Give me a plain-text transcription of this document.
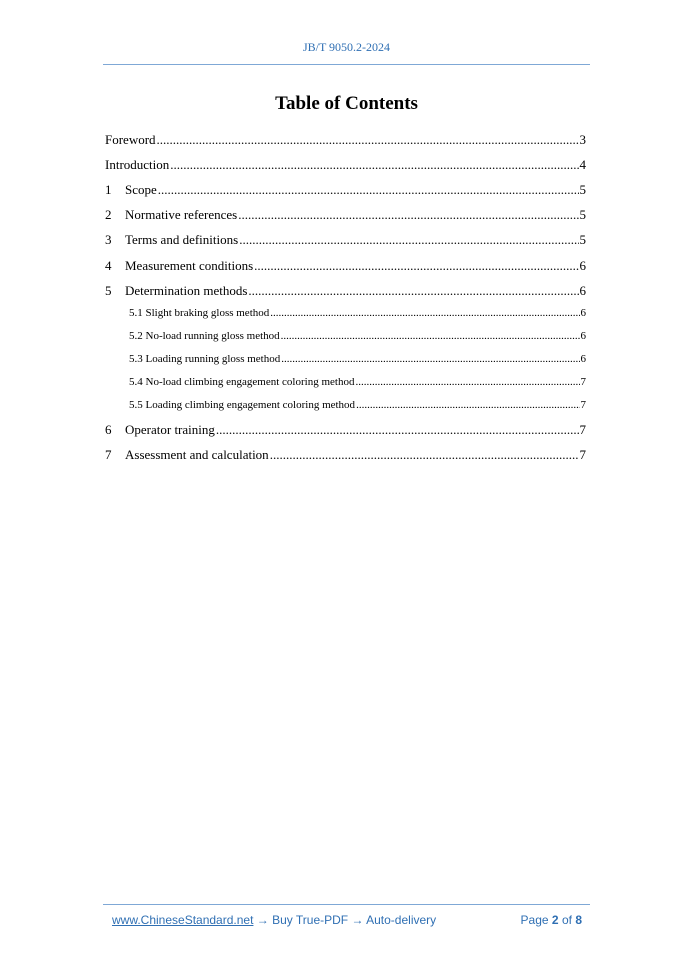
JB/T 9050.2-2024
Table of Contents
Foreword .....	3
Introduction .....	4
1	Scope .....	5
2	Normative references .....	5
3	Terms and definitions .....	5
4	Measurement conditions .....	6
5	Determination methods .....	6
5.1 Slight braking gloss method .....	6
5.2 No-load running gloss method .....	6
5.3 Loading running gloss method .....	6
5.4 No-load climbing engagement coloring method .....	7
5.5 Loading climbing engagement coloring method .....	7
6	Operator training .....	7
7	Assessment and calculation .....	7
www.ChineseStandard.net → Buy True-PDF → Auto-delivery	Page 2 of 8
